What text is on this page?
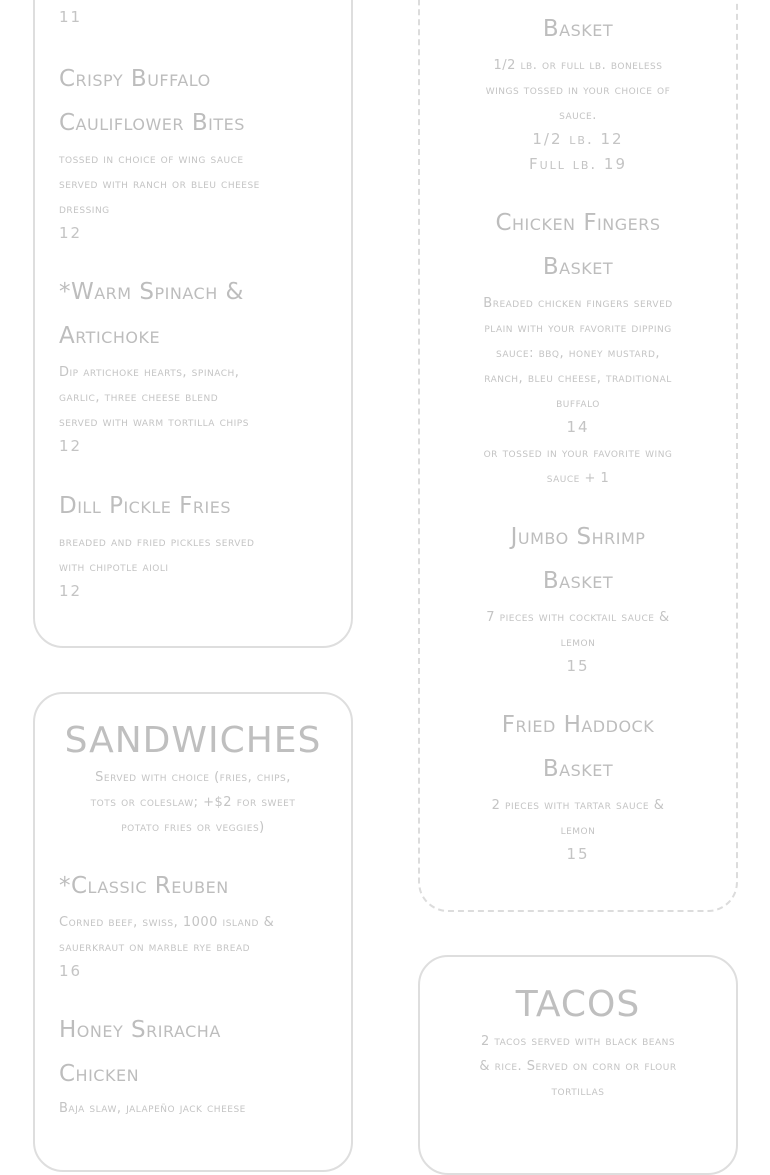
11
Crispy Buffalo
Cauliflower Bites
tossed in choice of wing sauce
served with ranch or bleu cheese
dressing
12
*Warm Spinach &
Artichoke
Dip artichoke hearts, spinach,
garlic, three cheese blend
served with warm tortilla chips
12
Dill Pickle Fries
breaded and fried pickles served
with chipotle aioli
12
Basket
1/2 lb. or full lb. boneless
wings tossed in your choice of
sauce.
1/2 lb. 12
Full lb. 19
Chicken Fingers
Basket
Breaded chicken fingers served
plain with your favorite dipping
sauce: bbq, honey mustard,
ranch, bleu cheese, traditional
buffalo
14
or tossed in your favorite wing
sauce + 1
Jumbo Shrimp
Basket
7 pieces with cocktail sauce &
lemon
15
Fried Haddock
Basket
2 pieces with tartar sauce &
lemon
15
SANDWICHES
Served with choice (fries, chips,
tots or coleslaw; +$2 for sweet
potato fries or veggies)
*Classic Reuben
Corned beef, swiss, 1000 island &
sauerkraut on marble rye bread
16
Honey Sriracha
Chicken
Baja slaw, jalapeño jack cheese
TACOS
2 tacos served with black beans
& rice. Served on corn or flour
tortillas
